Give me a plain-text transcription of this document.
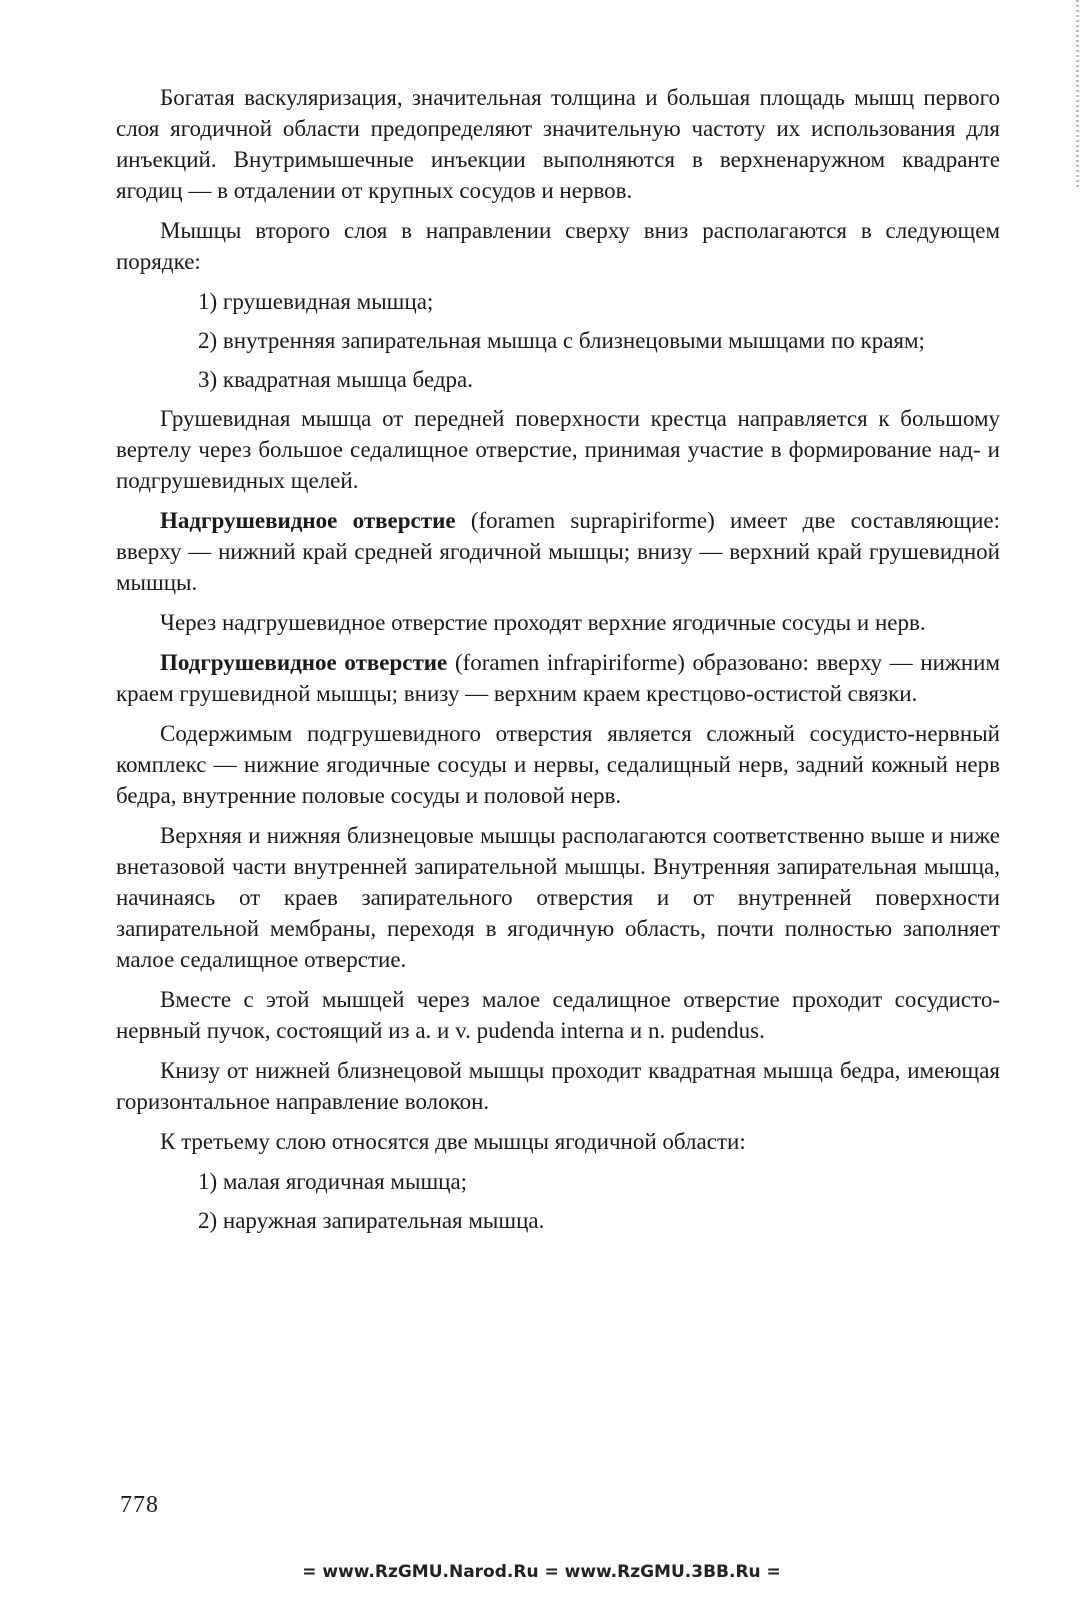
Богатая васкуляризация, значительная толщина и большая площадь мышц первого слоя ягодичной области предопределяют значительную частоту их использования для инъекций. Внутримышечные инъекции выполняются в верхненаружном квадранте ягодиц — в отдалении от крупных сосудов и нервов.

Мышцы второго слоя в направлении сверху вниз располагаются в следующем порядке:

1) грушевидная мышца;

2) внутренняя запирательная мышца с близнецовыми мышцами по краям;

3) квадратная мышца бедра.

Грушевидная мышца от передней поверхности крестца направляется к большому вертелу через большое седалищное отверстие, принимая участие в формирование над- и подгрушевидных щелей.

Надгрушевидное отверстие (foramen suprapiriforme) имеет две составляющие: вверху — нижний край средней ягодичной мышцы; внизу — верхний край грушевидной мышцы.

Через надгрушевидное отверстие проходят верхние ягодичные сосуды и нерв.

Подгрушевидное отверстие (foramen infrapiriforme) образовано: вверху — нижним краем грушевидной мышцы; внизу — верхним краем крестцово-остистой связки.

Содержимым подгрушевидного отверстия является сложный сосудисто-нервный комплекс — нижние ягодичные сосуды и нервы, седалищный нерв, задний кожный нерв бедра, внутренние половые сосуды и половой нерв.

Верхняя и нижняя близнецовые мышцы располагаются соответственно выше и ниже внетазовой части внутренней запирательной мышцы. Внутренняя запирательная мышца, начинаясь от краев запирательного отверстия и от внутренней поверхности запирательной мембраны, переходя в ягодичную область, почти полностью заполняет малое седалищное отверстие.

Вместе с этой мышцей через малое седалищное отверстие проходит сосудисто-нервный пучок, состоящий из a. и v. pudenda interna и n. pudendus.

Книзу от нижней близнецовой мышцы проходит квадратная мышца бедра, имеющая горизонтальное направление волокон.

К третьему слою относятся две мышцы ягодичной области:

1) малая ягодичная мышца;

2) наружная запирательная мышца.

778
= www.RzGMU.Narod.Ru = www.RzGMU.3BB.Ru =
